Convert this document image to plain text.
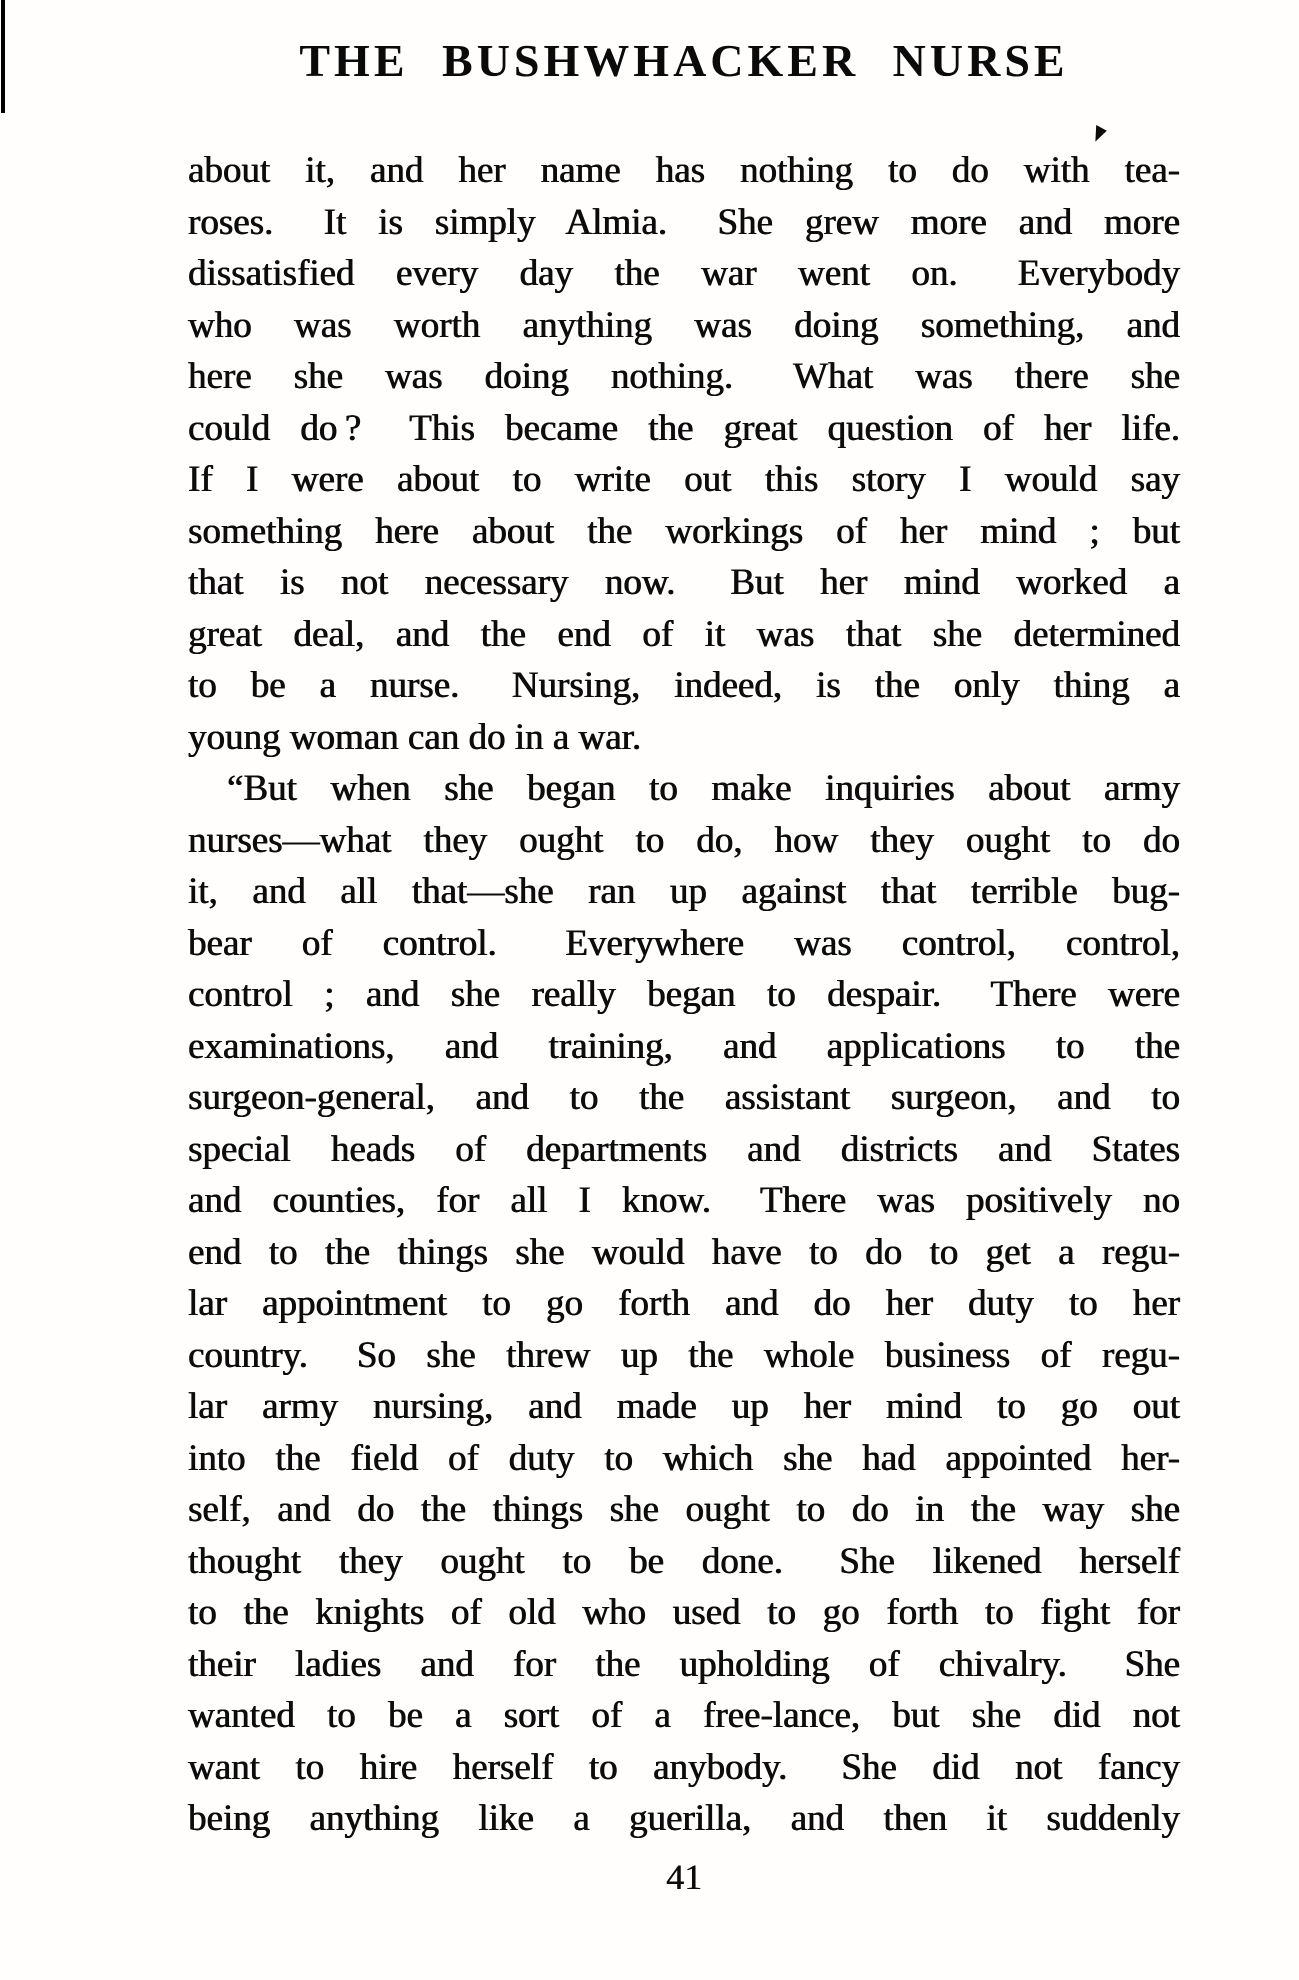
THE BUSHWHACKER NURSE
about it, and her name has nothing to do with tea-
roses.  It is simply Almia.  She grew more and more
dissatisfied every day the war went on.  Everybody
who was worth anything was doing something, and
here she was doing nothing.  What was there she
could do ?  This became the great question of her life.
If I were about to write out this story I would say
something here about the workings of her mind ; but
that is not necessary now.  But her mind worked a
great deal, and the end of it was that she determined
to be a nurse.  Nursing, indeed, is the only thing a
young woman can do in a war.
“But when she began to make inquiries about army
nurses—what they ought to do, how they ought to do
it, and all that—she ran up against that terrible bug-
bear of control.  Everywhere was control, control,
control ; and she really began to despair.  There were
examinations, and training, and applications to the
surgeon-general, and to the assistant surgeon, and to
special heads of departments and districts and States
and counties, for all I know.  There was positively no
end to the things she would have to do to get a regu-
lar appointment to go forth and do her duty to her
country.  So she threw up the whole business of regu-
lar army nursing, and made up her mind to go out
into the field of duty to which she had appointed her-
self, and do the things she ought to do in the way she
thought they ought to be done.  She likened herself
to the knights of old who used to go forth to fight for
their ladies and for the upholding of chivalry.  She
wanted to be a sort of a free-lance, but she did not
want to hire herself to anybody.  She did not fancy
being anything like a guerilla, and then it suddenly
41
